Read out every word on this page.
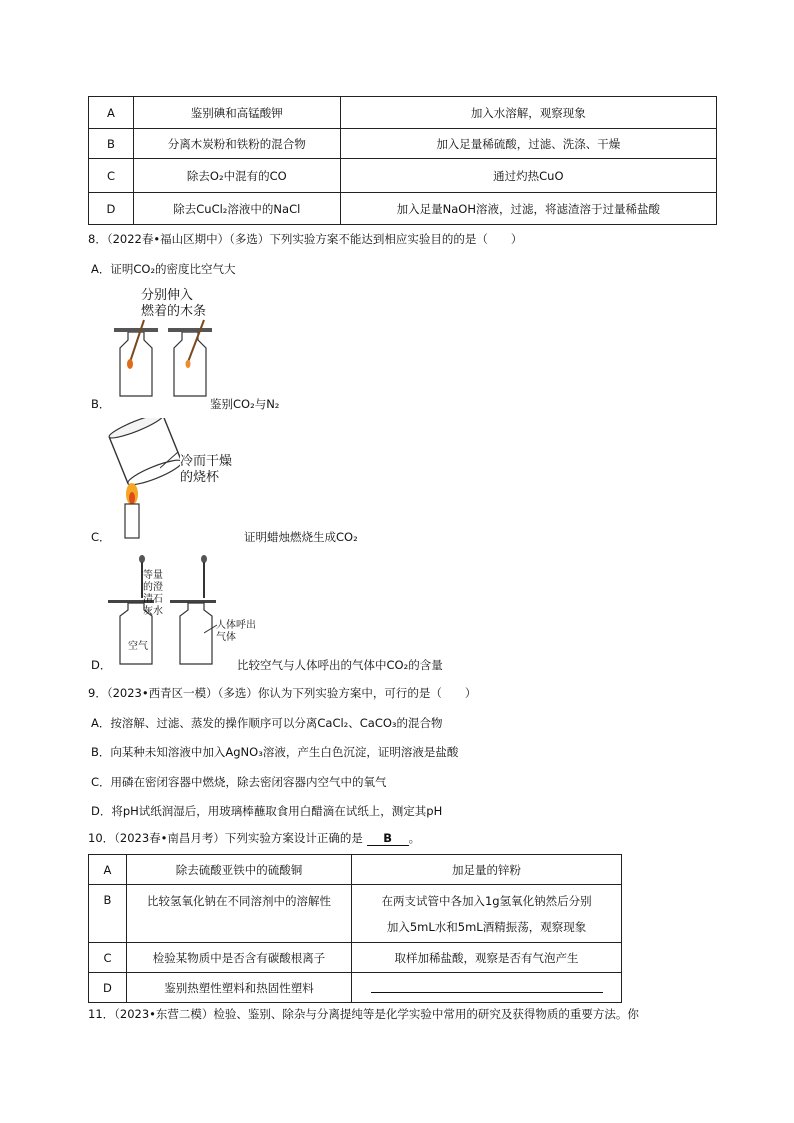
A	鉴别碘和高锰酸钾	加入水溶解，观察现象
B	分离木炭粉和铁粉的混合物	加入足量稀硫酸，过滤、洗涤、干燥
C	除去O₂中混有的CO	通过灼热CuO
D	除去CuCl₂溶液中的NaCl	加入足量NaOH溶液，过滤，将滤渣溶于过量稀盐酸
8．（2022春•福山区期中）（多选）下列实验方案不能达到相应实验目的的是（　　）
A．证明CO₂的密度比空气大
分别伸入
燃着的木条
B．	鉴别CO₂与N₂
冷而干燥
的烧杯
C．	证明蜡烛燃烧生成CO₂
等量
的澄
清石
灰水
空气
人体呼出
气体
D．	比较空气与人体呼出的气体中CO₂的含量
9．（2023•西青区一模）（多选）你认为下列实验方案中，可行的是（　　）
A．按溶解、过滤、蒸发的操作顺序可以分离CaCl₂、CaCO₃的混合物
B．向某种未知溶液中加入AgNO₃溶液，产生白色沉淀，证明溶液是盐酸
C．用磷在密闭容器中燃烧，除去密闭容器内空气中的氧气
D．将pH试纸润湿后，用玻璃棒蘸取食用白醋滴在试纸上，测定其pH
10．（2023春•南昌月考）下列实验方案设计正确的是 B 。
A	除去硫酸亚铁中的硫酸铜	加足量的锌粉
B	比较氢氧化钠在不同溶剂中的溶解性	在两支试管中各加入1g氢氧化钠然后分别
加入5mL水和5mL酒精振荡，观察现象

C	检验某物质中是否含有碳酸根离子	取样加稀盐酸，观察是否有气泡产生
D	鉴别热塑性塑料和热固性塑料	
11．（2023•东营二模）检验、鉴别、除杂与分离提纯等是化学实验中常用的研究及获得物质的重要方法。你
